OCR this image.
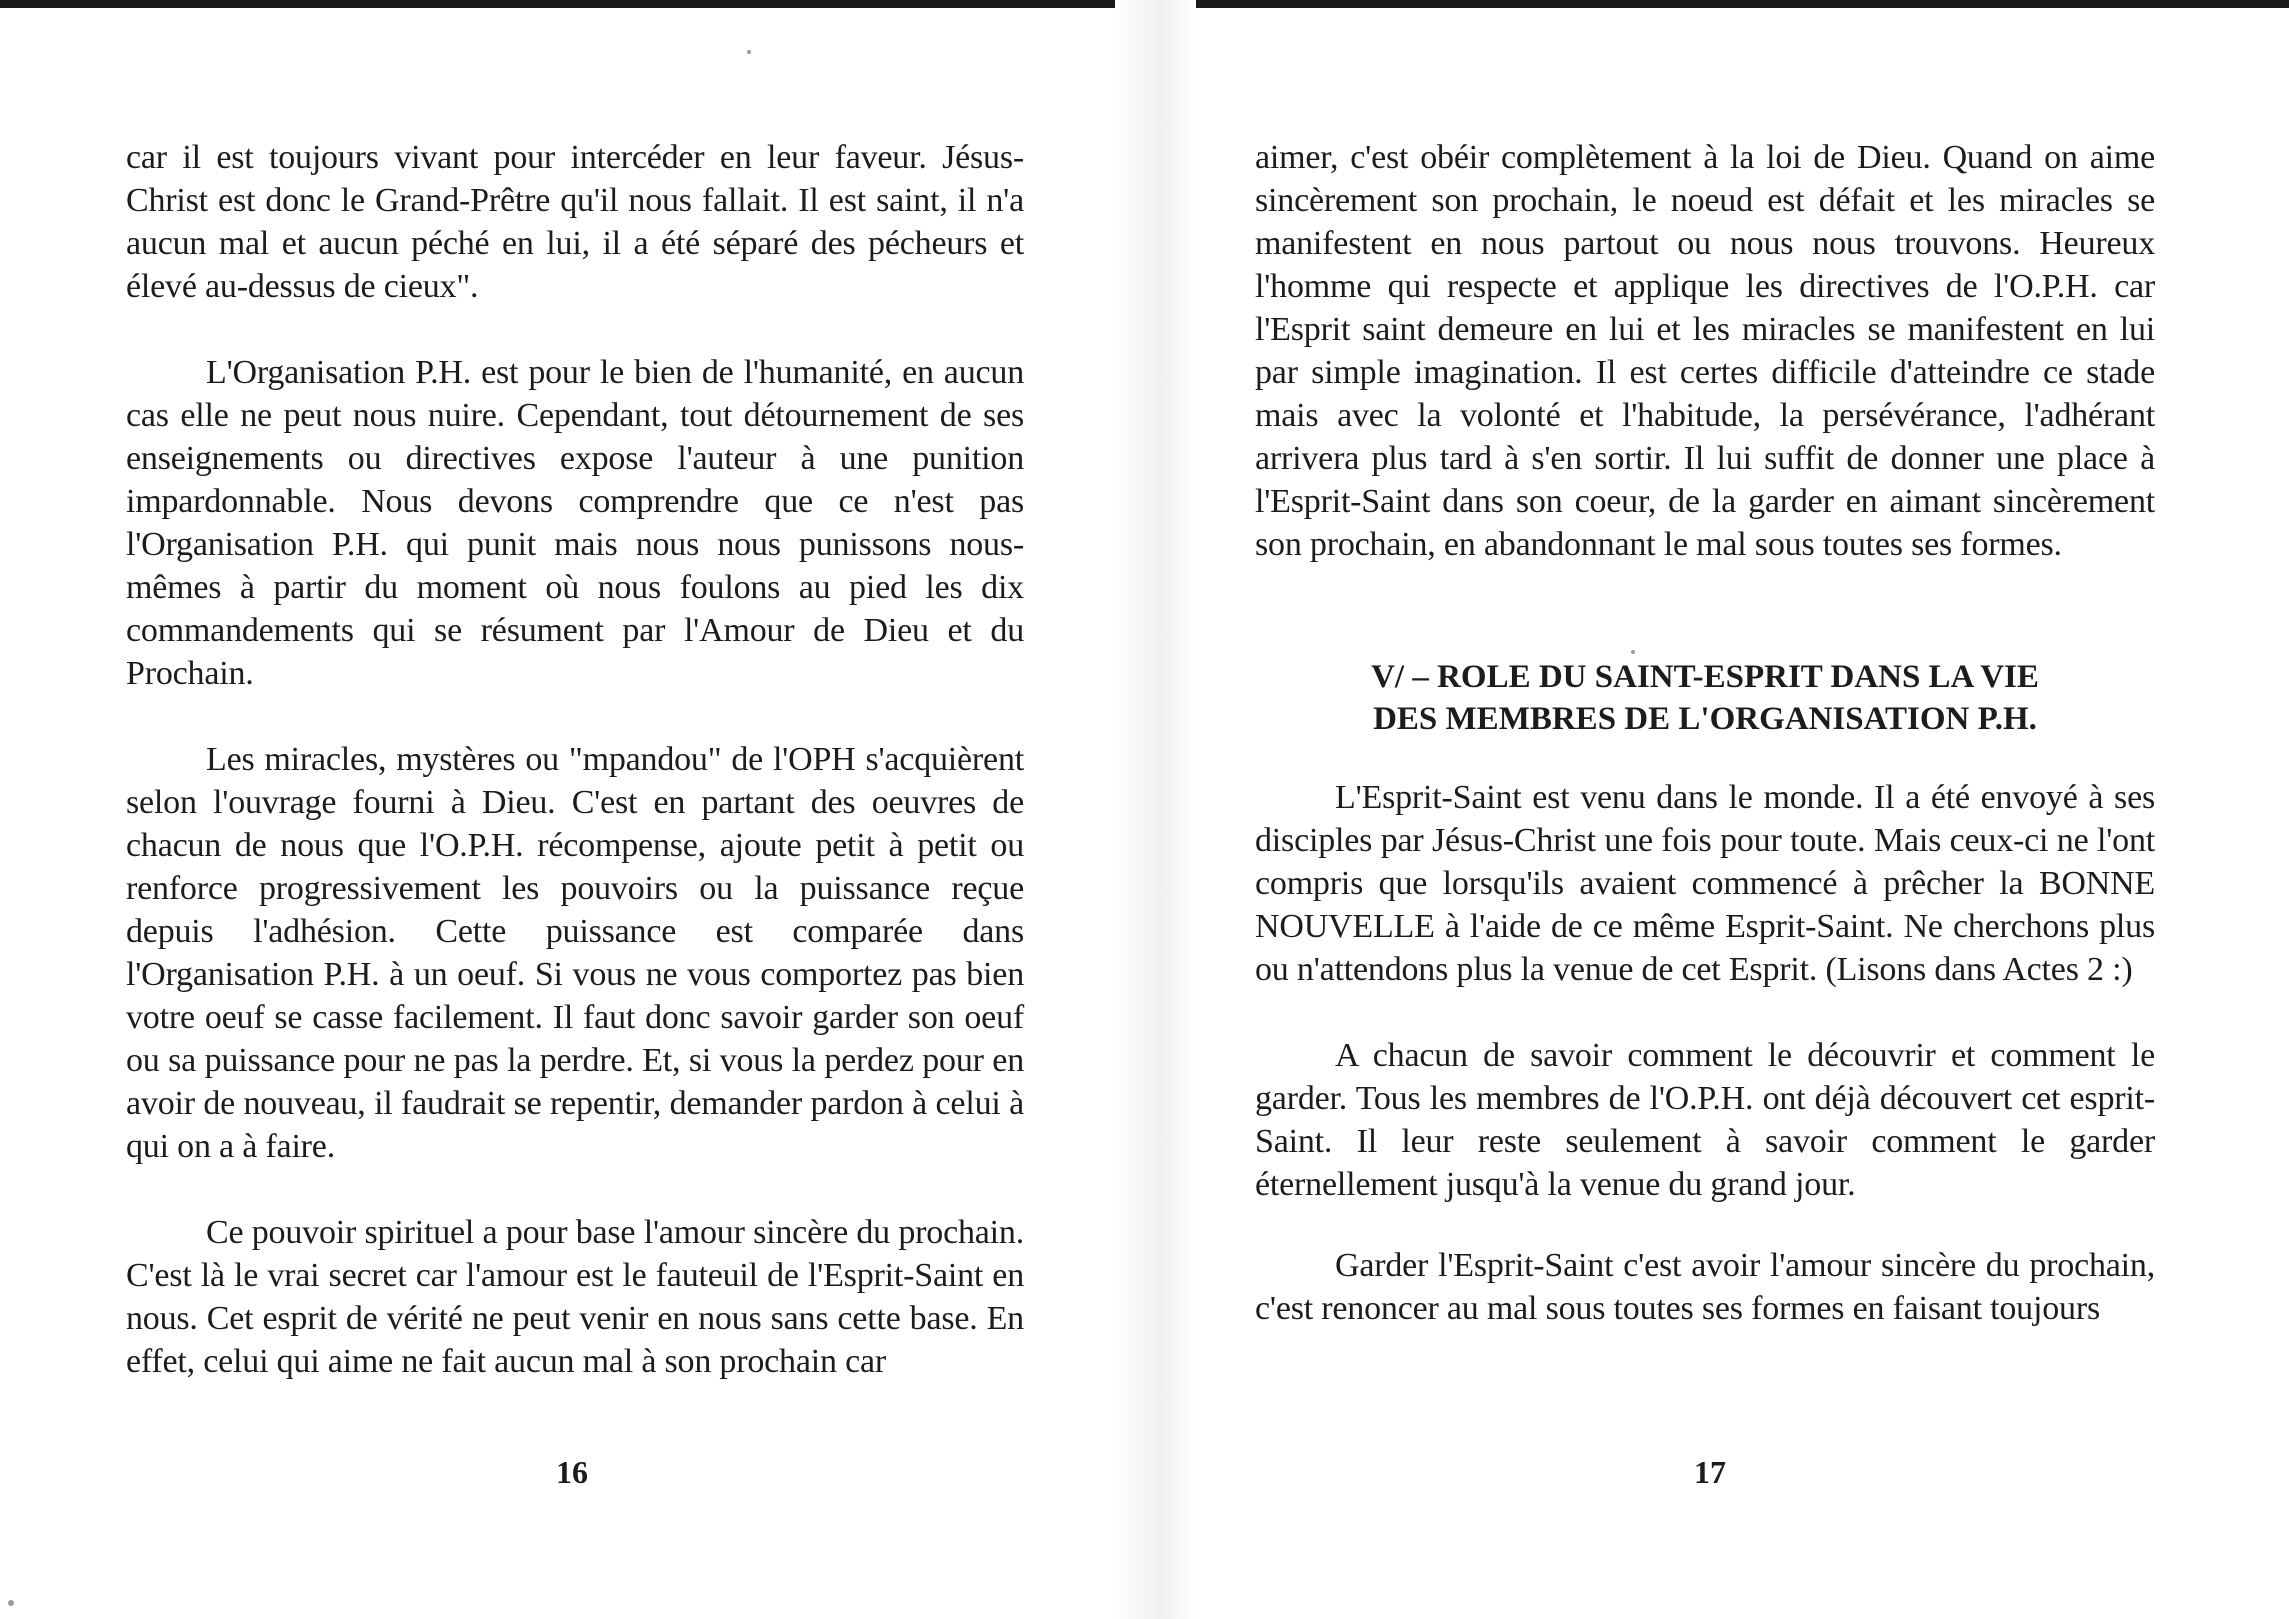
car il est toujours vivant pour intercéder en leur faveur. Jésus-Christ est donc le Grand-Prêtre qu'il nous fallait. Il est saint, il n'a aucun mal et aucun péché en lui, il a été séparé des pécheurs et élevé au-dessus de cieux".

L'Organisation P.H. est pour le bien de l'humanité, en aucun cas elle ne peut nous nuire. Cependant, tout détournement de ses enseignements ou directives expose l'auteur à une punition impardonnable. Nous devons comprendre que ce n'est pas l'Organisation P.H. qui punit mais nous nous punissons nous-mêmes à partir du moment où nous foulons au pied les dix commandements qui se résument par l'Amour de Dieu et du Prochain.

Les miracles, mystères ou "mpandou" de l'OPH s'acquièrent selon l'ouvrage fourni à Dieu. C'est en partant des oeuvres de chacun de nous que l'O.P.H. récompense, ajoute petit à petit ou renforce progressivement les pouvoirs ou la puissance reçue depuis l'adhésion. Cette puissance est comparée dans l'Organisation P.H. à un oeuf. Si vous ne vous comportez pas bien votre oeuf se casse facilement. Il faut donc savoir garder son oeuf ou sa puissance pour ne pas la perdre. Et, si vous la perdez pour en avoir de nouveau, il faudrait se repentir, demander pardon à celui à qui on a à faire.

Ce pouvoir spirituel a pour base l'amour sincère du prochain. C'est là le vrai secret car l'amour est le fauteuil de l'Esprit-Saint en nous. Cet esprit de vérité ne peut venir en nous sans cette base. En effet, celui qui aime ne fait aucun mal à son prochain car

16

aimer, c'est obéir complètement à la loi de Dieu. Quand on aime sincèrement son prochain, le noeud est défait et les miracles se manifestent en nous partout ou nous nous trouvons. Heureux l'homme qui respecte et applique les directives de l'O.P.H. car l'Esprit saint demeure en lui et les miracles se manifestent en lui par simple imagination. Il est certes difficile d'atteindre ce stade mais avec la volonté et l'habitude, la persévérance, l'adhérant arrivera plus tard à s'en sortir. Il lui suffit de donner une place à l'Esprit-Saint dans son coeur, de la garder en aimant sincèrement son prochain, en abandonnant le mal sous toutes ses formes.

V/ – ROLE DU SAINT-ESPRIT DANS LA VIE
DES MEMBRES DE L'ORGANISATION P.H.

L'Esprit-Saint est venu dans le monde. Il a été envoyé à ses disciples par Jésus-Christ une fois pour toute. Mais ceux-ci ne l'ont compris que lorsqu'ils avaient commencé à prêcher la BONNE NOUVELLE à l'aide de ce même Esprit-Saint. Ne cherchons plus ou n'attendons plus la venue de cet Esprit. (Lisons dans Actes 2 :)

A chacun de savoir comment le découvrir et comment le garder. Tous les membres de l'O.P.H. ont déjà découvert cet esprit-Saint. Il leur reste seulement à savoir comment le garder éternellement jusqu'à la venue du grand jour.

Garder l'Esprit-Saint c'est avoir l'amour sincère du prochain, c'est renoncer au mal sous toutes ses formes en faisant toujours

17
